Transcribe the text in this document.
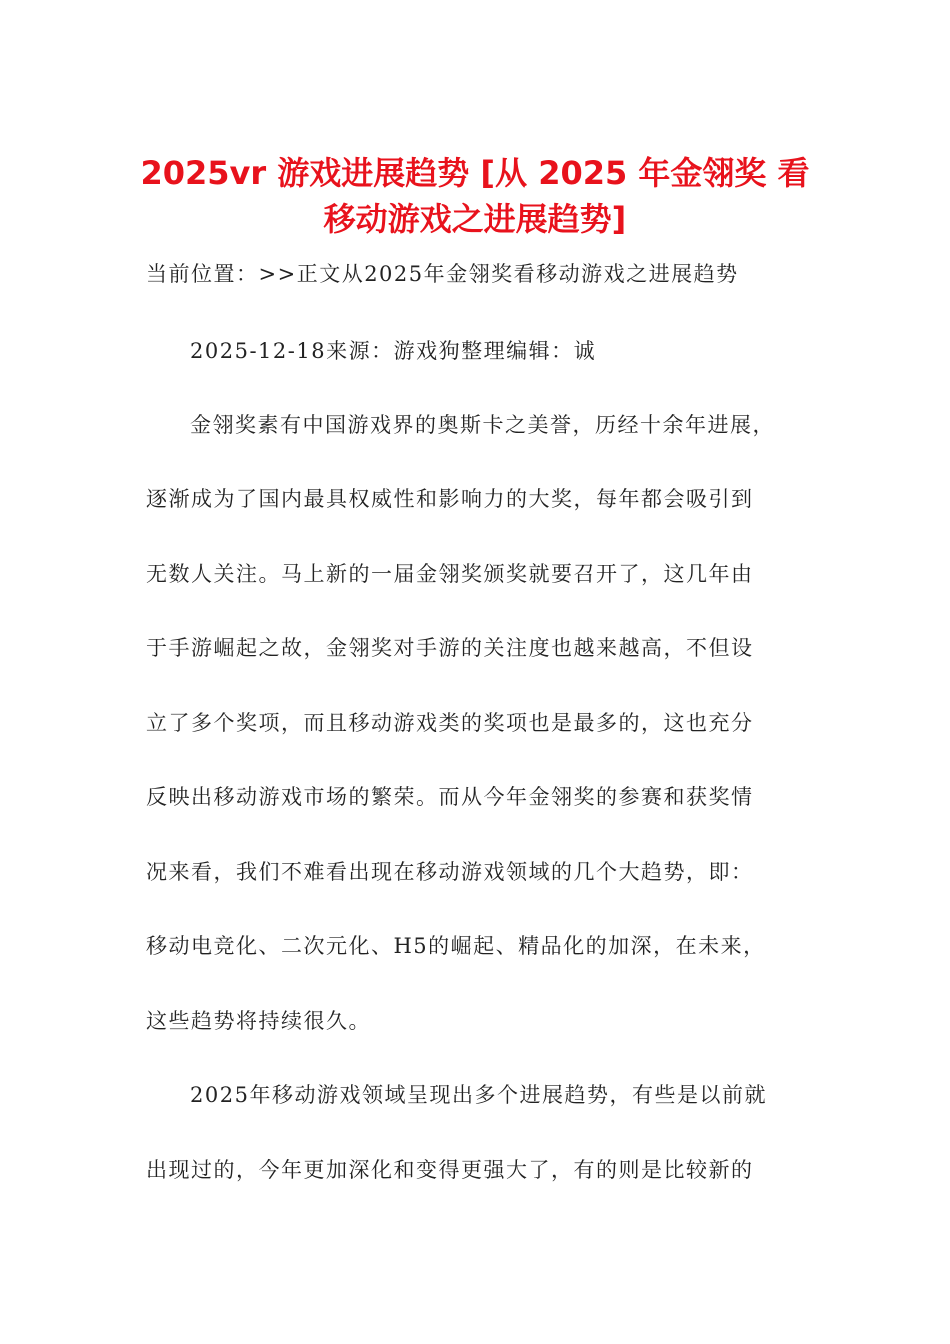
2025vr 游戏进展趋势 [从 2025 年金翎奖 看
移动游戏之进展趋势]
当前位置：>>正文从2025年金翎奖看移动游戏之进展趋势
2025-12-18来源：游戏狗整理编辑：诚
金翎奖素有中国游戏界的奥斯卡之美誉，历经十余年进展，
逐渐成为了国内最具权威性和影响力的大奖，每年都会吸引到
无数人关注。马上新的一届金翎奖颁奖就要召开了，这几年由
于手游崛起之故，金翎奖对手游的关注度也越来越高，不但设
立了多个奖项，而且移动游戏类的奖项也是最多的，这也充分
反映出移动游戏市场的繁荣。而从今年金翎奖的参赛和获奖情
况来看，我们不难看出现在移动游戏领域的几个大趋势，即：
移动电竞化、二次元化、H5的崛起、精品化的加深，在未来，
这些趋势将持续很久。
2025年移动游戏领域呈现出多个进展趋势，有些是以前就
出现过的，今年更加深化和变得更强大了，有的则是比较新的
